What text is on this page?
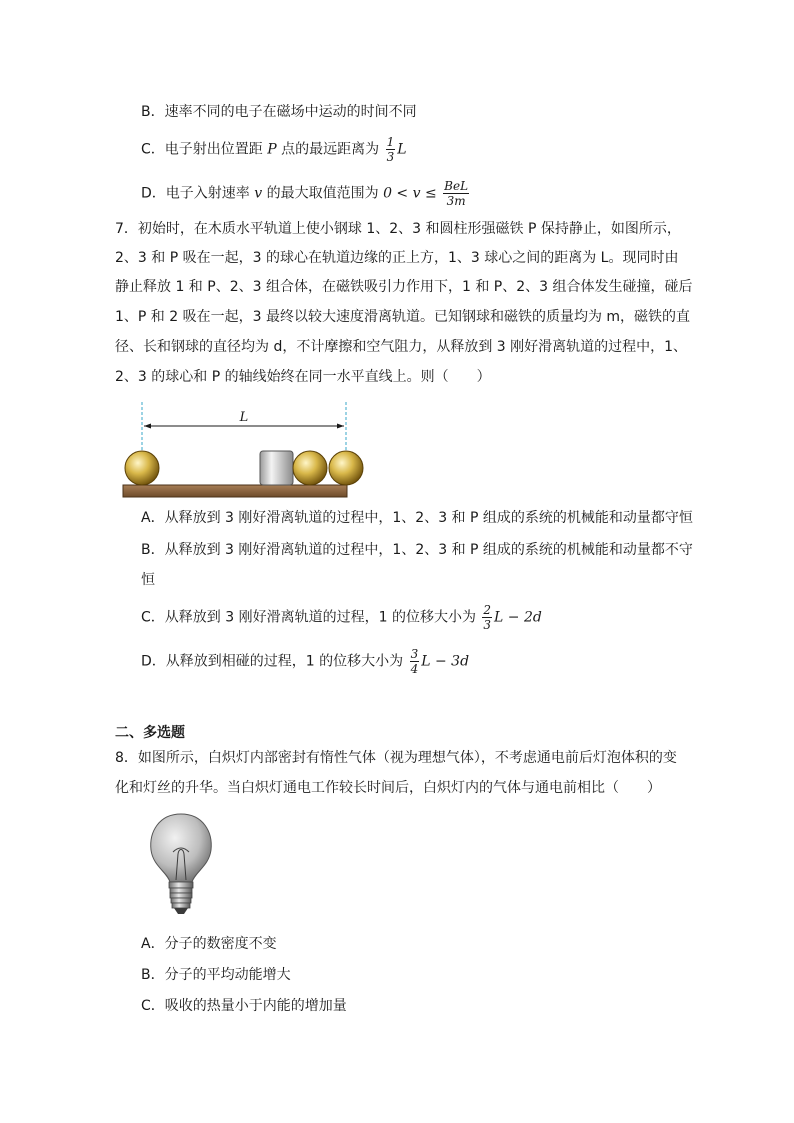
B．速率不同的电子在磁场中运动的时间不同
C．电子射出位置距 P 点的最远距离为 $\frac{1}{3}$ L
D．电子入射速率 v 的最大取值范围为 $0 < v \le \frac{\text{BeL}}{3m}$
7．初始时，在木质水平轨道上使小钢球 1、2、3 和圆柱形强磁铁 P 保持静止，如图所示，
2、3 和 P 吸在一起，3 的球心在轨道边缘的正上方，1、3 球心之间的距离为 L。现同时由
静止释放 1 和 P、2、3 组合体，在磁铁吸引力作用下，1 和 P、2、3 组合体发生碰撞，碰后
1、P 和 2 吸在一起，3 最终以较大速度滑离轨道。已知钢球和磁铁的质量均为 m，磁铁的直
径、长和钢球的直径均为 d，不计摩擦和空气阻力，从释放到 3 刚好滑离轨道的过程中，1、
2、3 的球心和 P 的轴线始终在同一水平直线上。则（　　）
L
A．从释放到 3 刚好滑离轨道的过程中，1、2、3 和 P 组成的系统的机械能和动量都守恒
B．从释放到 3 刚好滑离轨道的过程中，1、2、3 和 P 组成的系统的机械能和动量都不守
恒
C．从释放到 3 刚好滑离轨道的过程，1 的位移大小为 $\frac{2}{3}$ L − 2d
D．从释放到相碰的过程，1 的位移大小为 $\frac{3}{4}$ L − 3d
二、多选题
8．如图所示，白炽灯内部密封有惰性气体（视为理想气体），不考虑通电前后灯泡体积的变
化和灯丝的升华。当白炽灯通电工作较长时间后，白炽灯内的气体与通电前相比（　　）
A．分子的数密度不变
B．分子的平均动能增大
C．吸收的热量小于内能的增加量
